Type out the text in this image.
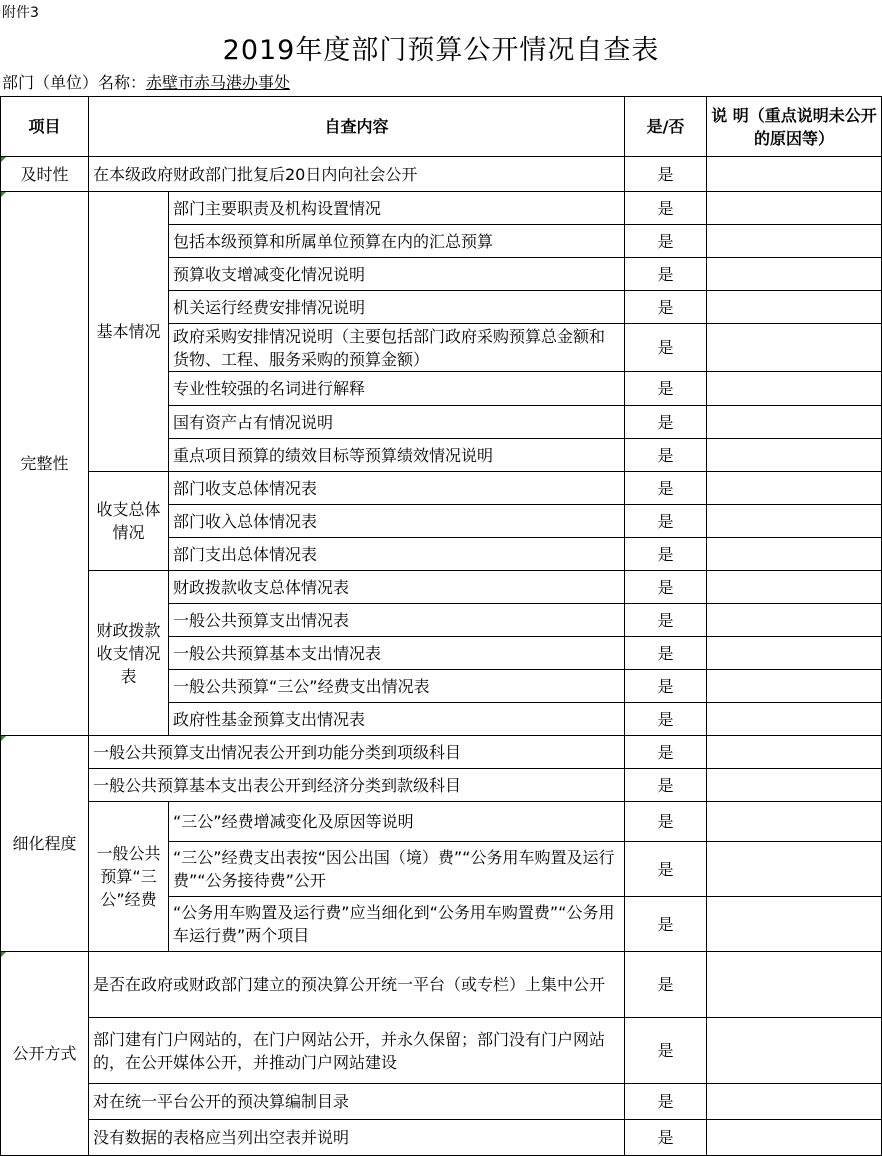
附件3
2019年度部门预算公开情况自查表
部门（单位）名称：赤壁市赤马港办事处
项目	自查内容		是/否	说 明（重点说明未公开的原因等）
及时性	在本级政府财政部门批复后20日内向社会公开		是	
完整性	基本情况	部门主要职责及机构设置情况	是	
		包括本级预算和所属单位预算在内的汇总预算	是	
		预算收支增减变化情况说明	是	
		机关运行经费安排情况说明	是	
		政府采购安排情况说明（主要包括部门政府采购预算总金额和货物、工程、服务采购的预算金额）	是	
		专业性较强的名词进行解释	是	
		国有资产占有情况说明	是	
		重点项目预算的绩效目标等预算绩效情况说明	是	
	收支总体情况	部门收支总体情况表	是	
		部门收入总体情况表	是	
		部门支出总体情况表	是	
	财政拨款收支情况表	财政拨款收支总体情况表	是	
		一般公共预算支出情况表	是	
		一般公共预算基本支出情况表	是	
		一般公共预算“三公”经费支出情况表	是	
		政府性基金预算支出情况表	是	
细化程度	一般公共预算支出情况表公开到功能分类到项级科目		是	
	一般公共预算基本支出表公开到经济分类到款级科目		是	
	一般公共预算“三公”经费	“三公”经费增减变化及原因等说明	是	
		“三公”经费支出表按“因公出国（境）费”“公务用车购置及运行费”“公务接待费”公开	是	
		“公务用车购置及运行费”应当细化到“公务用车购置费”“公务用车运行费”两个项目	是	
公开方式	是否在政府或财政部门建立的预决算公开统一平台（或专栏）上集中公开		是	
	部门建有门户网站的，在门户网站公开，并永久保留；部门没有门户网站的，在公开媒体公开，并推动门户网站建设		是	
	对在统一平台公开的预决算编制目录		是	
	没有数据的表格应当列出空表并说明		是	
